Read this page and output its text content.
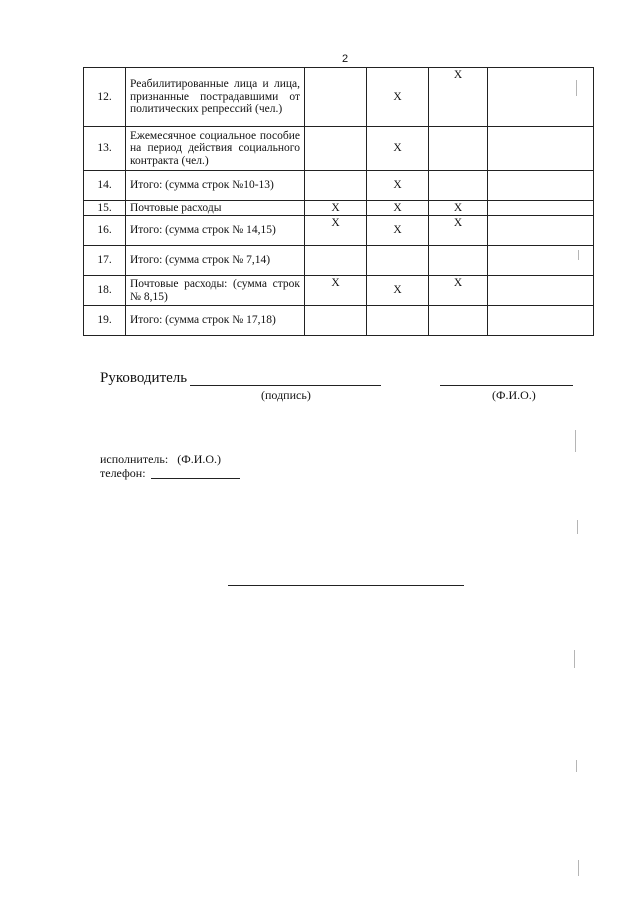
2
12.	Реабилитированные лица и лица, признанные пострадавшими от политических репрессий (чел.)		X	X	
13.	Ежемесячное социальное пособие на период действия социального контракта (чел.)		X		
14.	Итого: (сумма строк №10-13)		X		
15.	Почтовые расходы	X	X	X	
16.	Итого: (сумма строк № 14,15)	X	X	X	
17.	Итого: (сумма строк № 7,14)				
18.	Почтовые расходы: (сумма строк № 8,15)	X	X	X	
19.	Итого: (сумма строк № 17,18)				
Руководитель
(подпись)	(Ф.И.О.)
исполнитель: (Ф.И.О.)
телефон:
